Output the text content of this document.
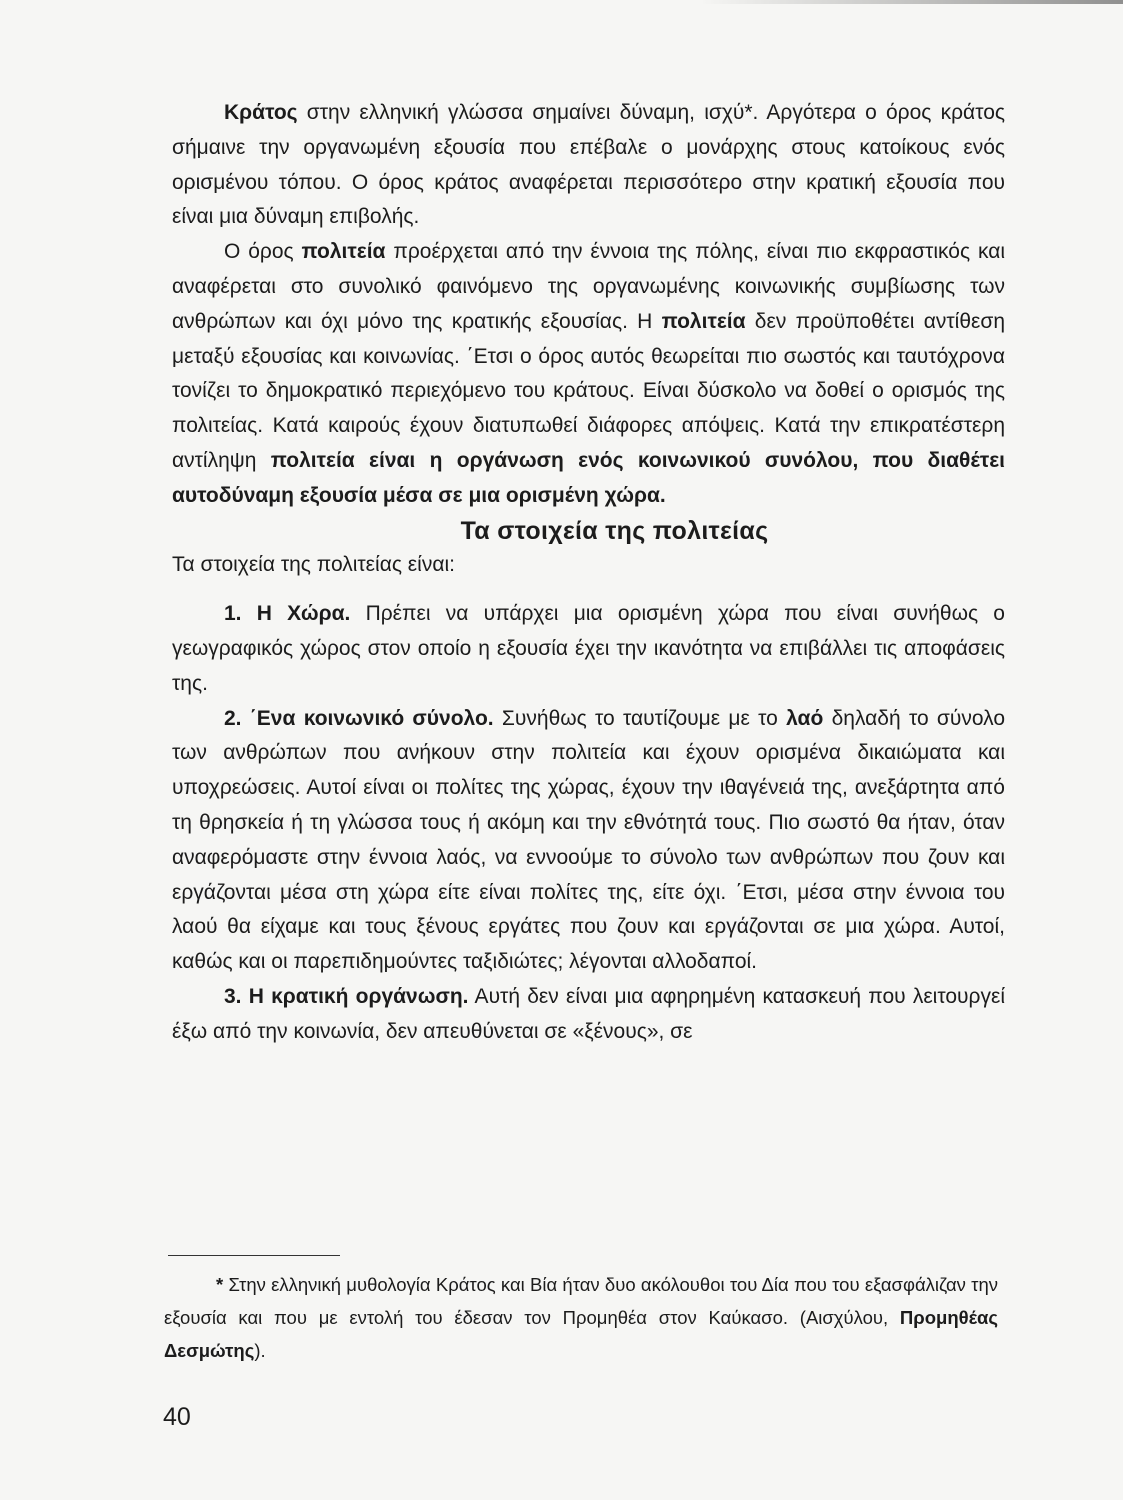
Κράτος στην ελληνική γλώσσα σημαίνει δύναμη, ισχύ*. Αργότερα ο όρος κράτος σήμαινε την οργανωμένη εξουσία που επέβαλε ο μονάρχης στους κατοίκους ενός ορισμένου τόπου. Ο όρος κράτος αναφέρεται περισσότερο στην κρατική εξουσία που είναι μια δύναμη επιβολής.

Ο όρος πολιτεία προέρχεται από την έννοια της πόλης, είναι πιο εκφραστικός και αναφέρεται στο συνολικό φαινόμενο της οργανωμένης κοινωνικής συμβίωσης των ανθρώπων και όχι μόνο της κρατικής εξουσίας. Η πολιτεία δεν προϋποθέτει αντίθεση μεταξύ εξουσίας και κοινωνίας. ΄Ετσι ο όρος αυτός θεωρείται πιο σωστός και ταυτόχρονα τονίζει το δημοκρατικό περιεχόμενο του κράτους. Είναι δύσκολο να δοθεί ο ορισμός της πολιτείας. Κατά καιρούς έχουν διατυπωθεί διάφορες απόψεις. Κατά την επικρατέστερη αντίληψη πολιτεία είναι η οργάνωση ενός κοινωνικού συνόλου, που διαθέτει αυτοδύναμη εξουσία μέσα σε μια ορισμένη χώρα.

Τα στοιχεία της πολιτείας

Τα στοιχεία της πολιτείας είναι:

1. Η Χώρα. Πρέπει να υπάρχει μια ορισμένη χώρα που είναι συνήθως ο γεωγραφικός χώρος στον οποίο η εξουσία έχει την ικανότητα να επιβάλλει τις αποφάσεις της.

2. ΄Ενα κοινωνικό σύνολο. Συνήθως το ταυτίζουμε με το λαό δηλαδή το σύνολο των ανθρώπων που ανήκουν στην πολιτεία και έχουν ορισμένα δικαιώματα και υποχρεώσεις. Αυτοί είναι οι πολίτες της χώρας, έχουν την ιθαγένειά της, ανεξάρτητα από τη θρησκεία ή τη γλώσσα τους ή ακόμη και την εθνότητά τους. Πιο σωστό θα ήταν, όταν αναφερόμαστε στην έννοια λαός, να εννοούμε το σύνολο των ανθρώπων που ζουν και εργάζονται μέσα στη χώρα είτε είναι πολίτες της, είτε όχι. ΄Ετσι, μέσα στην έννοια του λαού θα είχαμε και τους ξένους εργάτες που ζουν και εργάζονται σε μια χώρα. Αυτοί, καθώς και οι παρεπιδημούντες ταξιδιώτες; λέγονται αλλοδαποί.

3. Η κρατική οργάνωση. Αυτή δεν είναι μια αφηρημένη κατασκευή που λειτουργεί έξω από την κοινωνία, δεν απευθύνεται σε «ξένους», σε

* Στην ελληνική μυθολογία Κράτος και Βία ήταν δυο ακόλουθοι του Δία που του εξασφάλιζαν την εξουσία και που με εντολή του έδεσαν τον Προμηθέα στον Καύκασο. (Αισχύλου, Προμηθέας Δεσμώτης).

40
